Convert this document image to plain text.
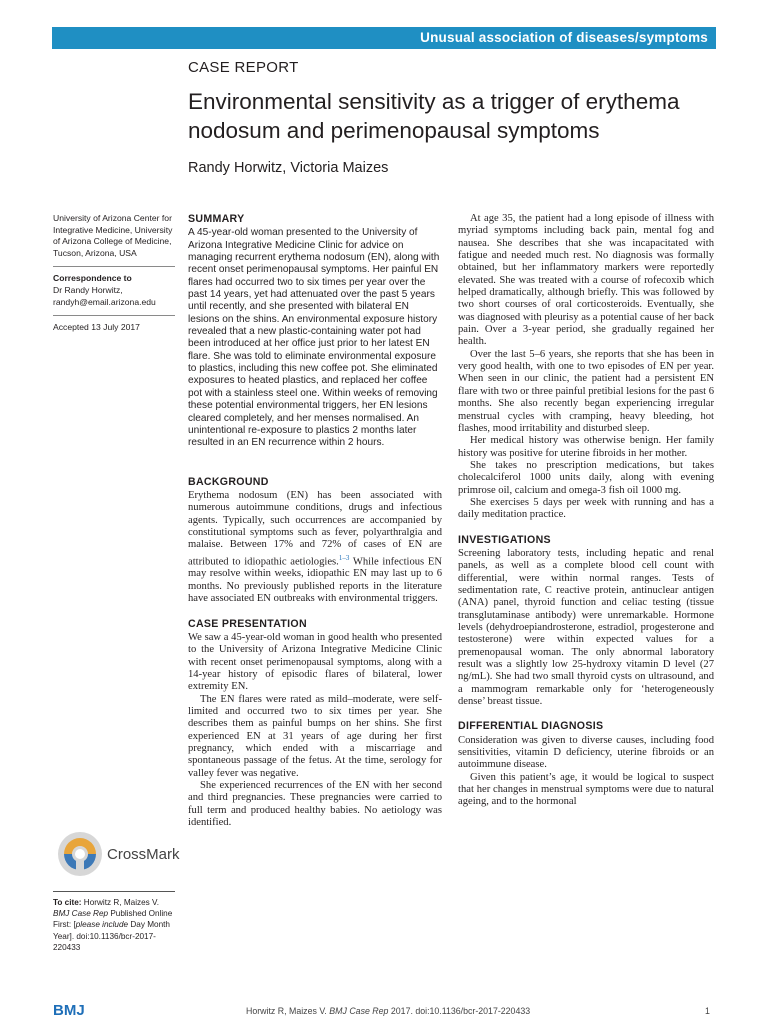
Unusual association of diseases/symptoms
CASE REPORT
Environmental sensitivity as a trigger of erythema nodosum and perimenopausal symptoms
Randy Horwitz, Victoria Maizes

University of Arizona Center for Integrative Medicine, University of Arizona College of Medicine, Tucson, Arizona, USA

Correspondence to

Dr Randy Horwitz,

randyh@email.arizona.edu

Accepted 13 July 2017

CrossMark

To cite: Horwitz R, Maizes V. BMJ Case Rep Published Online First: [please include Day Month Year]. doi:10.1136/bcr-2017-220433

SUMMARY

A 45-year-old woman presented to the University of Arizona Integrative Medicine Clinic for advice on managing recurrent erythema nodosum (EN), along with recent onset perimenopausal symptoms. Her painful EN flares had occurred two to six times per year over the past 14 years, yet had attenuated over the past 5 years until recently, and she presented with bilateral EN lesions on the shins. An environmental exposure history revealed that a new plastic-containing water pot had been introduced at her office just prior to her latest EN flare. She was told to eliminate environmental exposure to plastics, including this new coffee pot. She eliminated exposures to heated plastics, and replaced her coffee pot with a stainless steel one. Within weeks of removing these potential environmental triggers, her EN lesions cleared completely, and her menses normalised. An unintentional re-exposure to plastics 2 months later resulted in an EN recurrence within 2 hours.

BACKGROUND

Erythema nodosum (EN) has been associated with numerous autoimmune conditions, drugs and infectious agents. Typically, such occurrences are accompanied by constitutional symptoms such as fever, polyarthralgia and malaise. Between 17% and 72% of cases of EN are attributed to idiopathic aetiologies.$^{1-3}$ While infectious EN may resolve within weeks, idiopathic EN may last up to 6 months. No previously published reports in the literature have associated EN outbreaks with environmental triggers.

CASE PRESENTATION

We saw a 45-year-old woman in good health who presented to the University of Arizona Integrative Medicine Clinic with recent onset perimenopausal symptoms, along with a 14-year history of episodic flares of bilateral, lower extremity EN.

The EN flares were rated as mild–moderate, were self-limited and occurred two to six times per year. She describes them as painful bumps on her shins. She first experienced EN at 31 years of age during her first pregnancy, which ended with a miscarriage and spontaneous passage of the fetus. At the time, serology for valley fever was negative.

She experienced recurrences of the EN with her second and third pregnancies. These pregnancies were carried to full term and produced healthy babies. No aetiology was identified.

At age 35, the patient had a long episode of illness with myriad symptoms including back pain, mental fog and nausea. She describes that she was incapacitated with fatigue and needed much rest. No diagnosis was formally obtained, but her inflammatory markers were reportedly elevated. She was treated with a course of rofecoxib which helped dramatically, although briefly. This was followed by two short courses of oral corticosteroids. Eventually, she was diagnosed with pleurisy as a potential cause of her back pain. Over a 3-year period, she gradually regained her health.

Over the last 5–6 years, she reports that she has been in very good health, with one to two episodes of EN per year. When seen in our clinic, the patient had a persistent EN flare with two or three painful pretibial lesions for the past 6 months. She also recently began experiencing irregular menstrual cycles with cramping, heavy bleeding, hot flashes, mood irritability and disturbed sleep.

Her medical history was otherwise benign. Her family history was positive for uterine fibroids in her mother.

She takes no prescription medications, but takes cholecalciferol 1000 units daily, along with evening primrose oil, calcium and omega-3 fish oil 1000 mg.

She exercises 5 days per week with running and has a daily meditation practice.

INVESTIGATIONS

Screening laboratory tests, including hepatic and renal panels, as well as a complete blood cell count with differential, were within normal ranges. Tests of sedimentation rate, C reactive protein, antinuclear antigen (ANA) panel, thyroid function and celiac testing (tissue transglutaminase antibody) were unremarkable. Hormone levels (dehydroepiandrosterone, estradiol, progesterone and testosterone) were within expected values for a premenopausal woman. The only abnormal laboratory result was a slightly low 25-hydroxy vitamin D level (27 ng/mL). She had two small thyroid cysts on ultrasound, and a mammogram remarkable only for ‘heterogeneously dense’ breast tissue.

DIFFERENTIAL DIAGNOSIS

Consideration was given to diverse causes, including food sensitivities, vitamin D deficiency, uterine fibroids or an autoimmune disease.

Given this patient’s age, it would be logical to suspect that her changes in menstrual symptoms were due to natural ageing, and to the hormonal

BMJ	Horwitz R, Maizes V. BMJ Case Rep 2017. doi:10.1136/bcr-2017-220433	1
